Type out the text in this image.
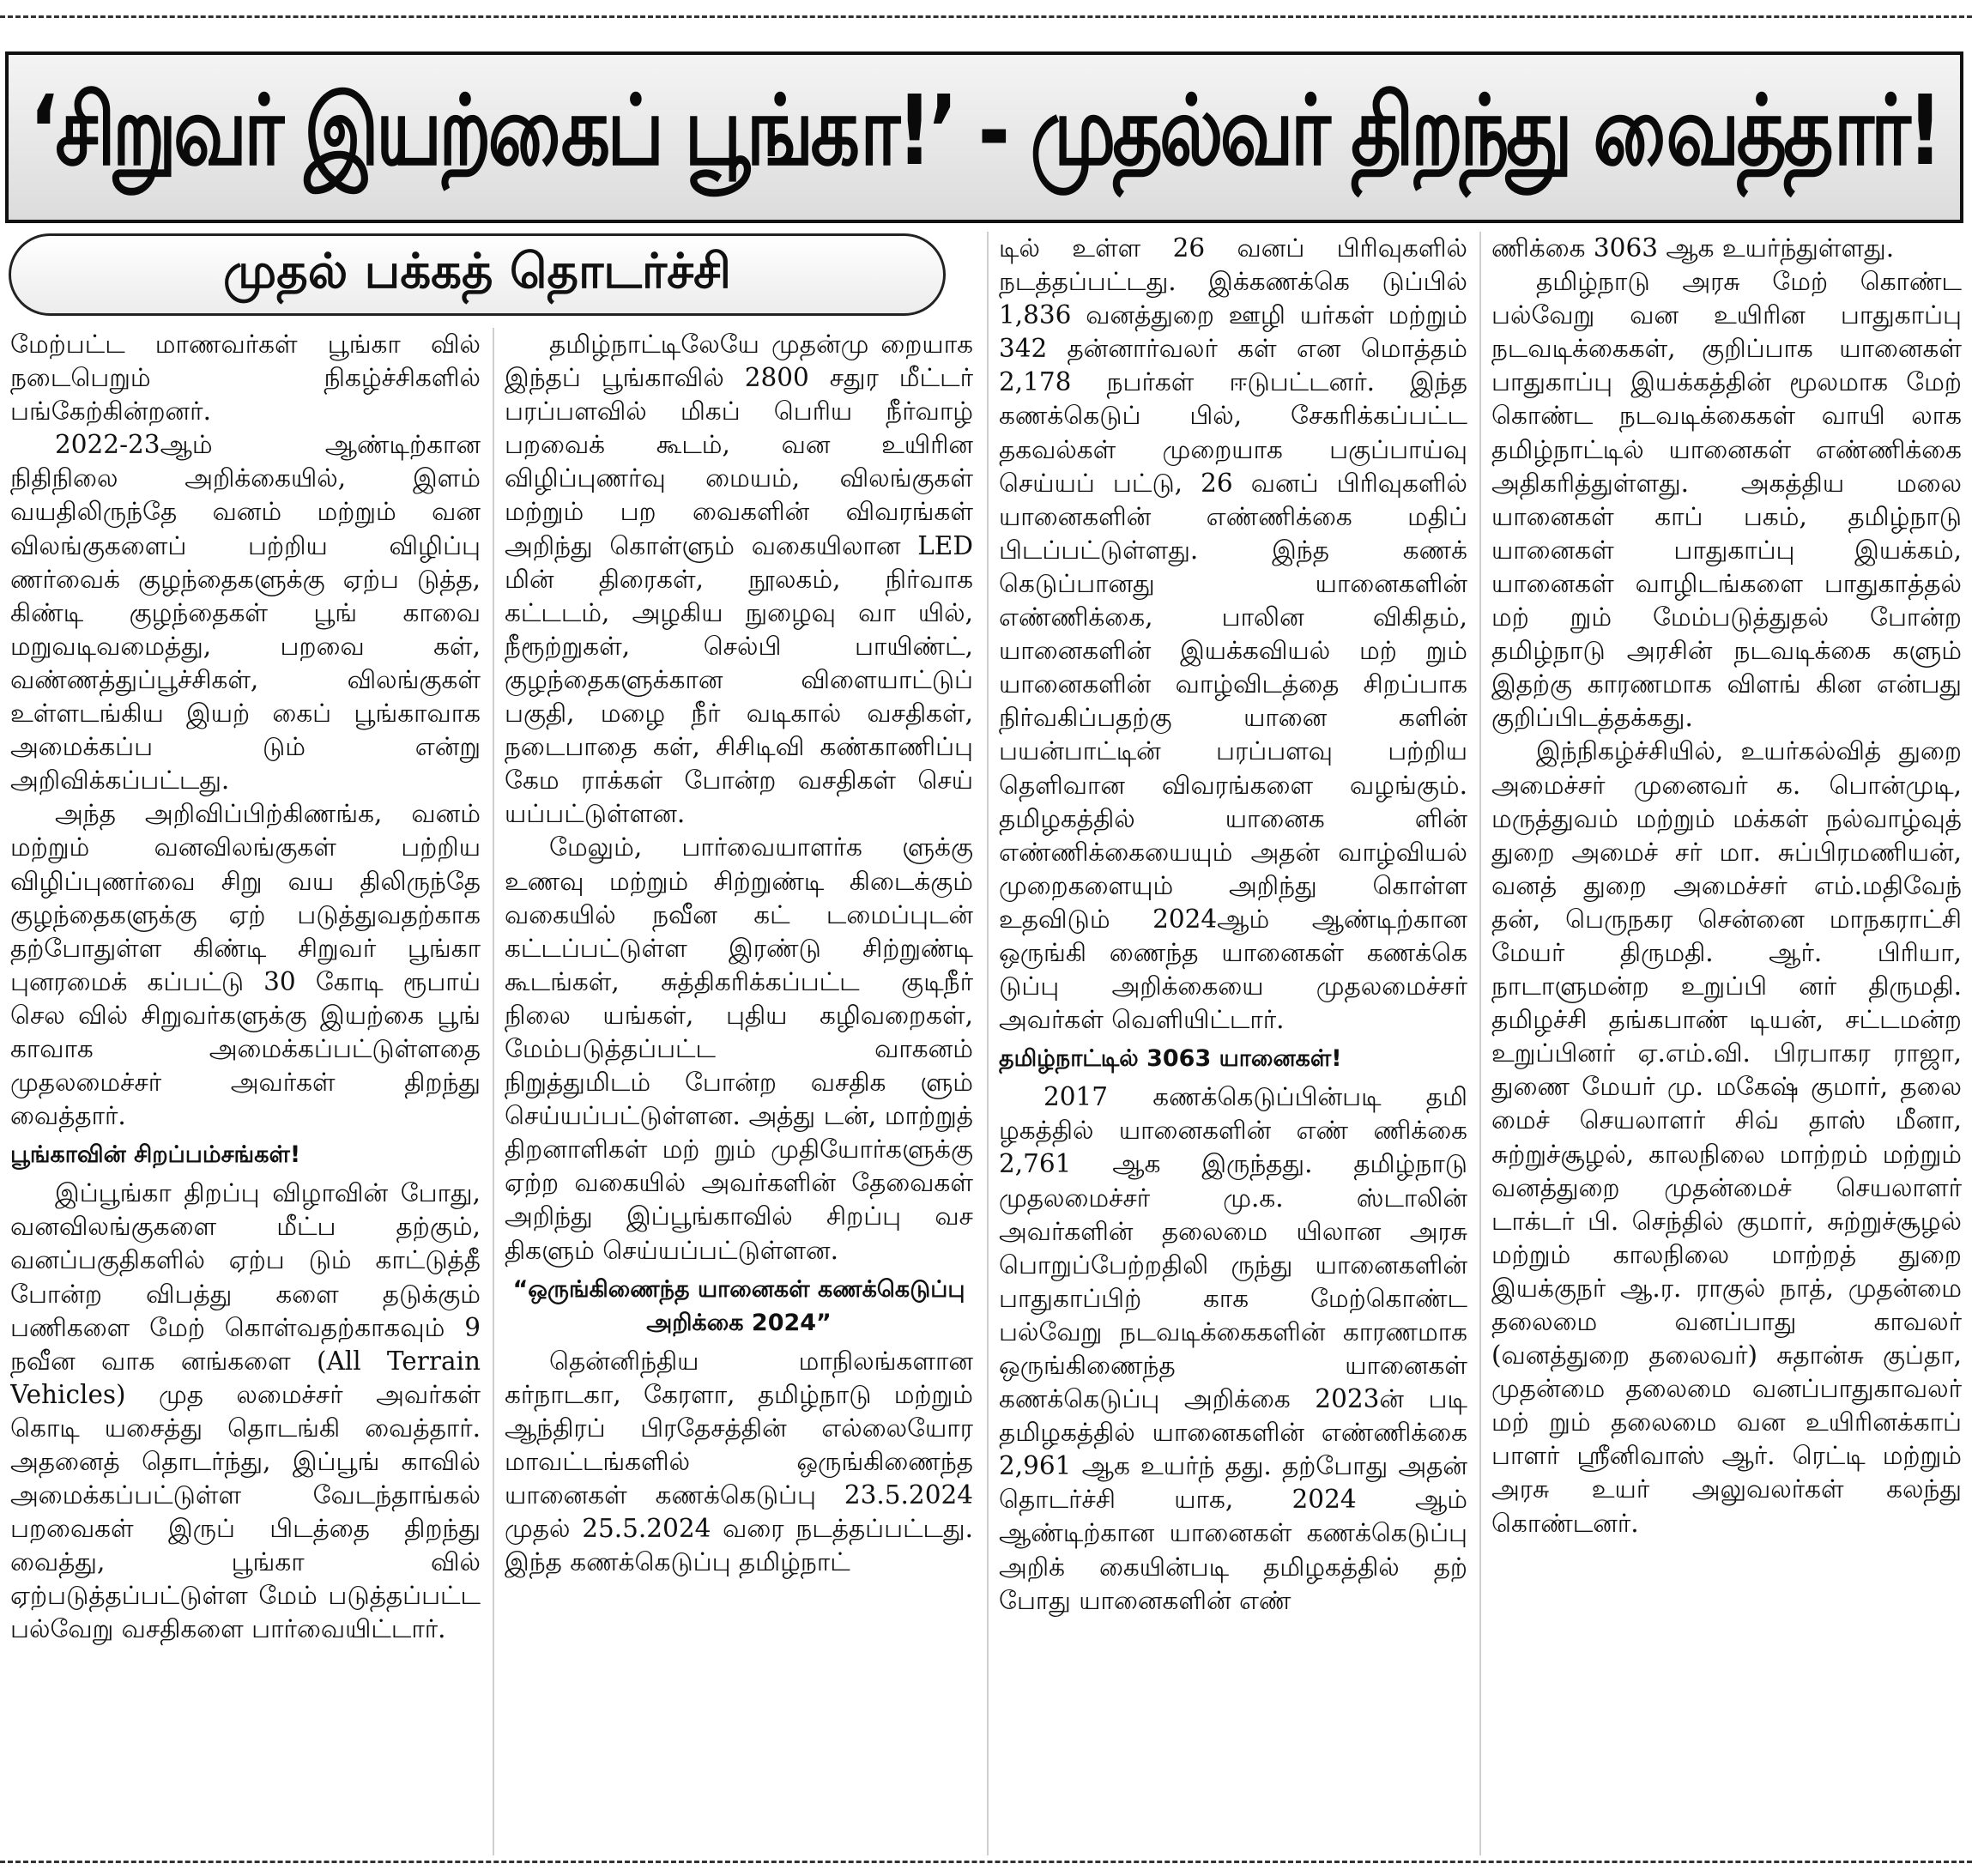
‘சிறுவர் இயற்கைப் பூங்கா!’ - முதல்வர் திறந்து வைத்தார்!
முதல் பக்கத் தொடர்ச்சி

மேற்பட்ட மாணவர்கள் பூங்கா வில் நடைபெறும் நிகழ்ச்சிகளில் பங்கேற்கின்றனர்.

2022-23ஆம் ஆண்டிற்கான நிதிநிலை அறிக்கையில், இளம் வயதிலிருந்தே வனம் மற்றும் வன விலங்குகளைப் பற்றிய விழிப்பு ணர்வைக் குழந்தைகளுக்கு ஏற்ப டுத்த, கிண்டி குழந்தைகள் பூங் காவை மறுவடிவமைத்து, பறவை கள், வண்ணத்துப்பூச்சிகள், விலங்குகள் உள்ளடங்கிய இயற் கைப் பூங்காவாக அமைக்கப்ப டும் என்று அறிவிக்கப்பட்டது.

அந்த அறிவிப்பிற்கிணங்க, வனம் மற்றும் வனவிலங்குகள் பற்றிய விழிப்புணர்வை சிறு வய திலிருந்தே குழந்தைகளுக்கு ஏற் படுத்துவதற்காக தற்போதுள்ள கிண்டி சிறுவர் பூங்கா புனரமைக் கப்பட்டு 30 கோடி ரூபாய் செல வில் சிறுவர்களுக்கு இயற்கை பூங் காவாக அமைக்கப்பட்டுள்ளதை முதலமைச்சர் அவர்கள் திறந்து வைத்தார்.

பூங்காவின் சிறப்பம்சங்கள்!

இப்பூங்கா திறப்பு விழாவின் போது, வனவிலங்குகளை மீட்ப தற்கும், வனப்பகுதிகளில் ஏற்ப டும் காட்டுத்தீ போன்ற விபத்து களை தடுக்கும் பணிகளை மேற் கொள்வதற்காகவும் 9 நவீன வாக னங்களை (All Terrain Vehicles) முத லமைச்சர் அவர்கள் கொடி யசைத்து தொடங்கி வைத்தார். அதனைத் தொடர்ந்து, இப்பூங் காவில் அமைக்கப்பட்டுள்ள வேடந்தாங்கல் பறவைகள் இருப் பிடத்தை திறந்து வைத்து, பூங்கா வில் ஏற்படுத்தப்பட்டுள்ள மேம் படுத்தப்பட்ட பல்வேறு வசதிகளை பார்வையிட்டார்.

தமிழ்நாட்டிலேயே முதன்மு றையாக இந்தப் பூங்காவில் 2800 சதுர மீட்டர் பரப்பளவில் மிகப் பெரிய நீர்வாழ் பறவைக் கூடம், வன உயிரின விழிப்புணர்வு மையம், விலங்குகள் மற்றும் பற வைகளின் விவரங்கள் அறிந்து கொள்ளும் வகையிலான LED மின் திரைகள், நூலகம், நிர்வாக கட்டடம், அழகிய நுழைவு வா யில், நீரூற்றுகள், செல்பி பாயிண்ட், குழந்தைகளுக்கான விளையாட்டுப் பகுதி, மழை நீர் வடிகால் வசதிகள், நடைபாதை கள், சிசிடிவி கண்காணிப்பு கேம ராக்கள் போன்ற வசதிகள் செய் யப்பட்டுள்ளன.

மேலும், பார்வையாளர்க ளுக்கு உணவு மற்றும் சிற்றுண்டி கிடைக்கும் வகையில் நவீன கட் டமைப்புடன் கட்டப்பட்டுள்ள இரண்டு சிற்றுண்டி கூடங்கள், சுத்திகரிக்கப்பட்ட குடிநீர் நிலை யங்கள், புதிய கழிவறைகள், மேம்படுத்தப்பட்ட வாகனம் நிறுத்துமிடம் போன்ற வசதிக ளும் செய்யப்பட்டுள்ளன. அத்து டன், மாற்றுத் திறனாளிகள் மற் றும் முதியோர்களுக்கு ஏற்ற வகையில் அவர்களின் தேவைகள் அறிந்து இப்பூங்காவில் சிறப்பு வச திகளும் செய்யப்பட்டுள்ளன.

“ஒருங்கிணைந்த யானைகள் கணக்கெடுப்பு அறிக்கை 2024”

தென்னிந்திய மாநிலங்களான கர்நாடகா, கேரளா, தமிழ்நாடு மற்றும் ஆந்திரப் பிரதேசத்தின் எல்லையோர மாவட்டங்களில் ஒருங்கிணைந்த யானைகள் கணக்கெடுப்பு 23.5.2024 முதல் 25.5.2024 வரை நடத்தப்பட்டது. இந்த கணக்கெடுப்பு தமிழ்நாட்

டில் உள்ள 26 வனப் பிரிவுகளில் நடத்தப்பட்டது. இக்கணக்கெ டுப்பில் 1,836 வனத்துறை ஊழி யர்கள் மற்றும் 342 தன்னார்வலர் கள் என மொத்தம் 2,178 நபர்கள் ஈடுபட்டனர். இந்த கணக்கெடுப் பில், சேகரிக்கப்பட்ட தகவல்கள் முறையாக பகுப்பாய்வு செய்யப் பட்டு, 26 வனப் பிரிவுகளில் யானைகளின் எண்ணிக்கை மதிப் பிடப்பட்டுள்ளது. இந்த கணக் கெடுப்பானது யானைகளின் எண்ணிக்கை, பாலின விகிதம், யானைகளின் இயக்கவியல் மற் றும் யானைகளின் வாழ்விடத்தை சிறப்பாக நிர்வகிப்பதற்கு யானை களின் பயன்பாட்டின் பரப்பளவு பற்றிய தெளிவான விவரங்களை வழங்கும். தமிழகத்தில் யானைக ளின் எண்ணிக்கையையும் அதன் வாழ்வியல் முறைகளையும் அறிந்து கொள்ள உதவிடும் 2024ஆம் ஆண்டிற்கான ஒருங்கி ணைந்த யானைகள் கணக்கெ டுப்பு அறிக்கையை முதலமைச்சர் அவர்கள் வெளியிட்டார்.

தமிழ்நாட்டில் 3063 யானைகள்!

2017 கணக்கெடுப்பின்படி தமி ழகத்தில் யானைகளின் எண் ணிக்கை 2,761 ஆக இருந்தது. தமிழ்நாடு முதலமைச்சர் மு.க. ஸ்டாலின் அவர்களின் தலைமை யிலான அரசு பொறுப்பேற்றதிலி ருந்து யானைகளின் பாதுகாப்பிற் காக மேற்கொண்ட பல்வேறு நடவடிக்கைகளின் காரணமாக ஒருங்கிணைந்த யானைகள் கணக்கெடுப்பு அறிக்கை 2023ன் படி தமிழகத்தில் யானைகளின் எண்ணிக்கை 2,961 ஆக உயர்ந் தது. தற்போது அதன் தொடர்ச்சி யாக, 2024 ஆம் ஆண்டிற்கான யானைகள் கணக்கெடுப்பு அறிக் கையின்படி தமிழகத்தில் தற் போது யானைகளின் எண்

ணிக்கை 3063 ஆக உயர்ந்துள்ளது.

தமிழ்நாடு அரசு மேற் கொண்ட பல்வேறு வன உயிரின பாதுகாப்பு நடவடிக்கைகள், குறிப்பாக யானைகள் பாதுகாப்பு இயக்கத்தின் மூலமாக மேற் கொண்ட நடவடிக்கைகள் வாயி லாக தமிழ்நாட்டில் யானைகள் எண்ணிக்கை அதிகரித்துள்ளது. அகத்திய மலை யானைகள் காப் பகம், தமிழ்நாடு யானைகள் பாதுகாப்பு இயக்கம், யானைகள் வாழிடங்களை பாதுகாத்தல் மற் றும் மேம்படுத்துதல் போன்ற தமிழ்நாடு அரசின் நடவடிக்கை களும் இதற்கு காரணமாக விளங் கின என்பது குறிப்பிடத்தக்கது.

இந்நிகழ்ச்சியில், உயர்கல்வித் துறை அமைச்சர் முனைவர் க. பொன்முடி, மருத்துவம் மற்றும் மக்கள் நல்வாழ்வுத் துறை அமைச் சர் மா. சுப்பிரமணியன், வனத் துறை அமைச்சர் எம்.மதிவேந் தன், பெருநகர சென்னை மாநகராட்சி மேயர் திருமதி. ஆர். பிரியா, நாடாளுமன்ற உறுப்பி னர் திருமதி. தமிழச்சி தங்கபாண் டியன், சட்டமன்ற உறுப்பினர் ஏ.எம்.வி. பிரபாகர ராஜா, துணை மேயர் மு. மகேஷ் குமார், தலை மைச் செயலாளர் சிவ் தாஸ் மீனா, சுற்றுச்சூழல், காலநிலை மாற்றம் மற்றும் வனத்துறை முதன்மைச் செயலாளர் டாக்டர் பி. செந்தில் குமார், சுற்றுச்சூழல் மற்றும் காலநிலை மாற்றத் துறை இயக்குநர் ஆ.ர. ராகுல் நாத், முதன்மை தலைமை வனப்பாது காவலர் (வனத்துறை தலைவர்) சுதான்சு குப்தா, முதன்மை தலைமை வனப்பாதுகாவலர் மற் றும் தலைமை வன உயிரினக்காப் பாளர் ஸ்ரீனிவாஸ் ஆர். ரெட்டி மற்றும் அரசு உயர் அலுவலர்கள் கலந்து கொண்டனர்.
